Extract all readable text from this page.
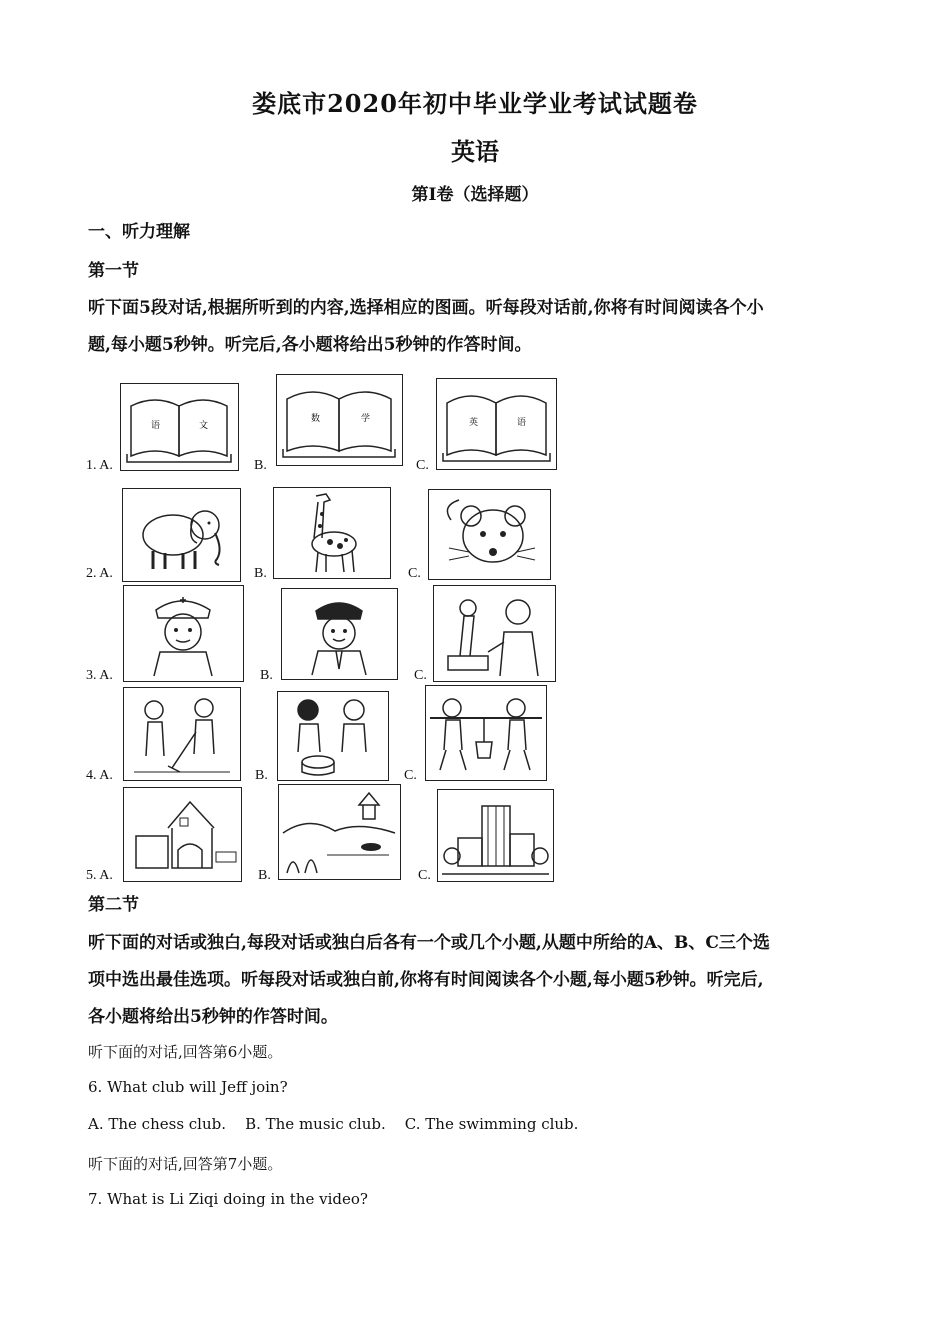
娄底市2020年初中毕业学业考试试题卷

英语

第Ⅰ卷（选择题）

一、听力理解

第一节

听下面5段对话,根据所听到的内容,选择相应的图画。听每段对话前,你将有时间阅读各个小

题,每小题5秒钟。听完后,各小题将给出5秒钟的作答时间。

1. A.
语	文
B.
数	学
C.
英	语
2. A.	B.	C.
3. A.	B.	C.
4. A.	B.	C.
5. A.	B.	C.

第二节

听下面的对话或独白,每段对话或独白后各有一个或几个小题,从题中所给的A、B、C三个选

项中选出最佳选项。听每段对话或独白前,你将有时间阅读各个小题,每小题5秒钟。听完后,

各小题将给出5秒钟的作答时间。

听下面的对话,回答第6小题。

6. What club will Jeff join?

A. The chess club.    B. The music club.    C. The swimming club.

听下面的对话,回答第7小题。

7. What is Li Ziqi doing in the video?
